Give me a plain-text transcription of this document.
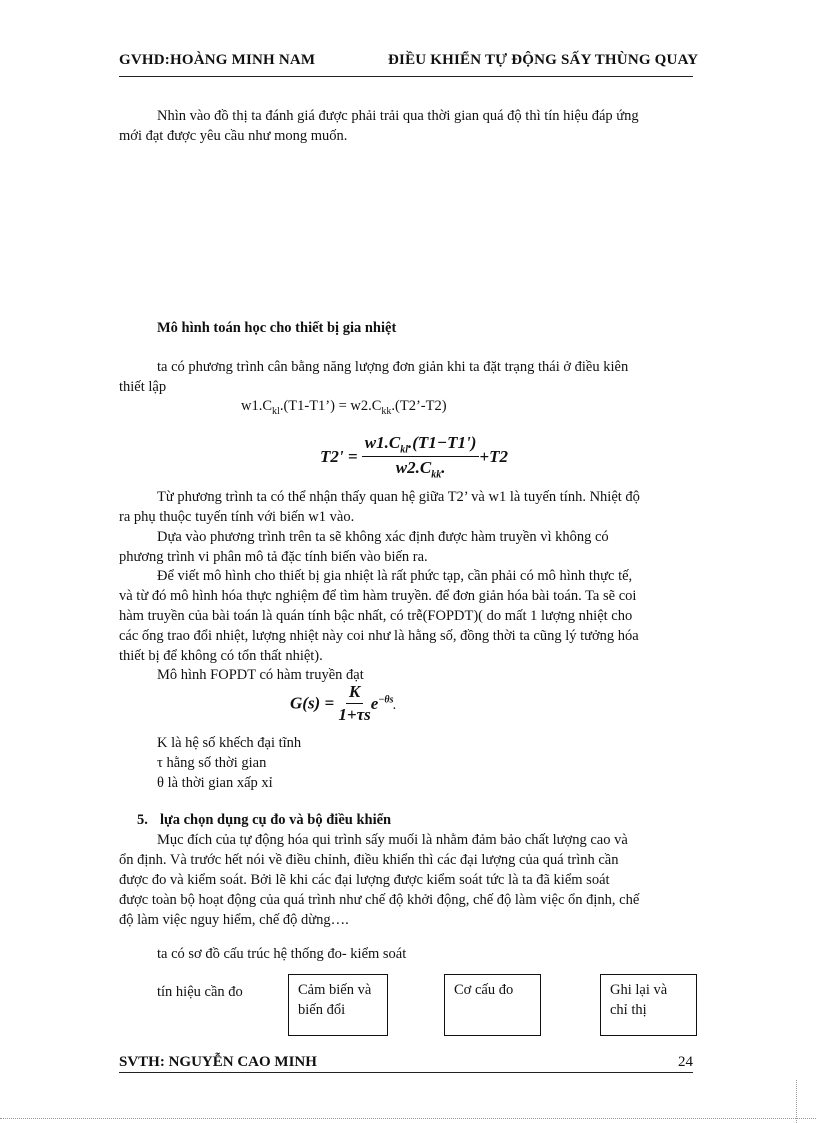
GVHD:HOÀNG MINH NAM	ĐIỀU KHIỂN TỰ ĐỘNG SẤY THÙNG QUAY
Nhìn vào đồ thị ta đánh giá được phải trải qua thời gian quá độ thì tín hiệu đáp ứng
mới đạt được yêu cầu như mong muốn.
Mô hình toán học cho thiết bị gia nhiệt
ta có phương trình cân bằng năng lượng đơn giản khi ta đặt trạng thái ở điều kiên
thiết lập
$w1.C_{kl}.(T1-T1’)$ = $w2.C_{kk}.(T2’-T2)$
$T2' = \frac{w1.C_{kl}.(T1-T1')}{w2.C_{kk}.} +T2$
Từ phương trình ta có thể nhận thấy quan hệ giữa T2’ và w1 là tuyến tính. Nhiệt độ
ra phụ thuộc tuyến tính với biến w1 vào.
Dựa vào phương trình trên ta sẽ không xác định được hàm truyền vì không có
phương trình vi phân mô tả đặc tính biến vào biến ra.
Để viết mô hình cho thiết bị gia nhiệt là rất phức tạp, cần phải có mô hình thực tế,
và từ đó mô hình hóa thực nghiệm để tìm hàm truyền. để đơn giản hóa bài toán. Ta sẽ coi
hàm truyền của bài toán là quán tính bậc nhất, có trễ(FOPDT)( do mất 1 lượng nhiệt cho
các ống trao đổi nhiệt, lượng nhiệt này coi như là hằng số, đồng thời ta cũng lý tưởng hóa
thiết bị để không có tổn thất nhiệt).
Mô hình FOPDT có hàm truyền đạt
$G(s) = \frac{K}{1+\tau s} e^{-\theta s}$.
K là hệ số khếch đại tĩnh
τ hằng số thời gian
θ là thời gian xấp xỉ
5. lựa chọn dụng cụ đo và bộ điều khiển
Mục đích của tự động hóa qui trình sấy muối là nhằm đảm bảo chất lượng cao và
ổn định. Và trước hết nói về điều chỉnh, điều khiển thì các đại lượng của quá trình cần
được đo và kiểm soát. Bởi lẽ khi các đại lượng được kiểm soát tức là ta đã kiểm soát
được toàn bộ hoạt động của quá trình như chế độ khởi động, chế độ làm việc ổn định, chế
độ làm việc nguy hiểm, chế độ dừng….
ta có sơ đồ cấu trúc hệ thống đo- kiểm soát
tín hiệu cần đo	Cảm biến và
biến đổi
Cơ cấu đo	Ghi lại và
chỉ thị
SVTH: NGUYỄN CAO MINH	24
